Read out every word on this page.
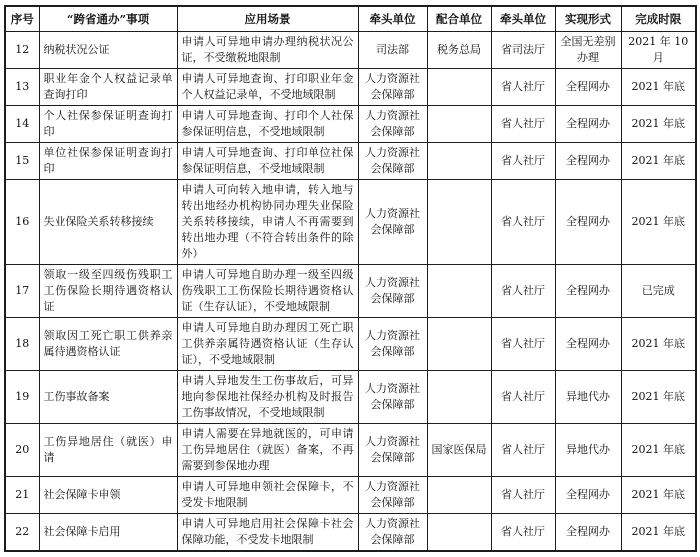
序号	“跨省通办”事项	应用场景	牵头单位	配合单位	牵头单位	实现形式	完成时限
12	纳税状况公证	申请人可异地申请办理纳税状况公证，不受缴税地限制	司法部	税务总局	省司法厅	全国无差别办理	2021 年 10 月
13	职业年金个人权益记录单查询打印	申请人可异地查询、打印职业年金个人权益记录单，不受地域限制	人力资源社会保障部		省人社厅	全程网办	2021 年底
14	个人社保参保证明查询打印	申请人可异地查询、打印个人社保参保证明信息，不受地域限制	人力资源社会保障部		省人社厅	全程网办	2021 年底
15	单位社保参保证明查询打印	申请人可异地查询、打印单位社保参保证明信息，不受地域限制	人力资源社会保障部		省人社厅	全程网办	2021 年底
16	失业保险关系转移接续	申请人可向转入地申请，转入地与转出地经办机构协同办理失业保险关系转移接续，申请人不再需要到转出地办理（不符合转出条件的除外）	人力资源社会保障部		省人社厅	全程网办	2021 年底
17	领取一级至四级伤残职工工伤保险长期待遇资格认证	申请人可异地自助办理一级至四级伤残职工工伤保险长期待遇资格认证（生存认证），不受地域限制	人力资源社会保障部		省人社厅	全程网办	已完成
18	领取因工死亡职工供养亲属待遇资格认证	申请人可异地自助办理因工死亡职工供养亲属待遇资格认证（生存认证），不受地域限制	人力资源社会保障部		省人社厅	全程网办	2021 年底
19	工伤事故备案	申请人异地发生工伤事故后，可异地向参保地社保经办机构及时报告工伤事故情况，不受地域限制	人力资源社会保障部		省人社厅	异地代办	2021 年底
20	工伤异地居住（就医）申请	申请人需要在异地就医的，可申请工伤异地居住（就医）备案，不再需要到参保地办理	人力资源社会保障部	国家医保局	省人社厅	异地代办	2021 年底
21	社会保障卡申领	申请人可异地申领社会保障卡，不受发卡地限制	人力资源社会保障部		省人社厅	全程网办	2021 年底
22	社会保障卡启用	申请人可异地启用社会保障卡社会保障功能，不受发卡地限制	人力资源社会保障部		省人社厅	全程网办	2021 年底
